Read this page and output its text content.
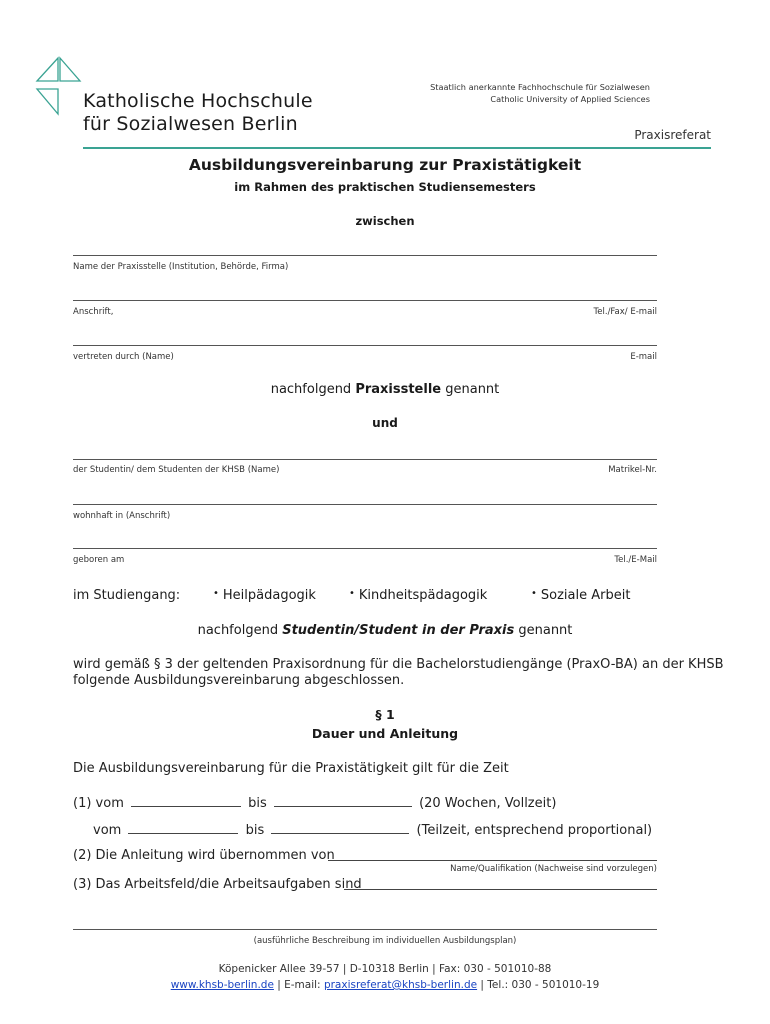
Katholische Hochschule
für Sozialwesen Berlin
Staatlich anerkannte Fachhochschule für Sozialwesen
Catholic University of Applied Sciences
Praxisreferat
Ausbildungsvereinbarung zur Praxistätigkeit
im Rahmen des praktischen Studiensemesters
zwischen
Name der Praxisstelle (Institution, Behörde, Firma)
Anschrift,	Tel./Fax/ E-mail
vertreten durch (Name)	E-mail
nachfolgend Praxisstelle genannt
und
der Studentin/ dem Studenten der KHSB (Name)	Matrikel-Nr.
wohnhaft in (Anschrift)
geboren am	Tel./E-Mail
im Studiengang:	• Heilpädagogik	• Kindheitspädagogik	• Soziale Arbeit
nachfolgend Studentin/Student in der Praxis genannt
wird gemäß § 3 der geltenden Praxisordnung für die Bachelorstudiengänge (PraxO-BA) an der KHSB
folgende Ausbildungsvereinbarung abgeschlossen.
§ 1
Dauer und Anleitung
Die Ausbildungsvereinbarung für die Praxistätigkeit gilt für die Zeit
(1) vom	bis	(20 Wochen, Vollzeit)
vom	bis	(Teilzeit, entsprechend proportional)
(2) Die Anleitung wird übernommen von
Name/Qualifikation (Nachweise sind vorzulegen)
(3) Das Arbeitsfeld/die Arbeitsaufgaben sind
(ausführliche Beschreibung im individuellen Ausbildungsplan)
Köpenicker Allee 39-57 | D-10318 Berlin | Fax: 030 - 501010-88
www.khsb-berlin.de | E-mail: praxisreferat@khsb-berlin.de | Tel.: 030 - 501010-19
